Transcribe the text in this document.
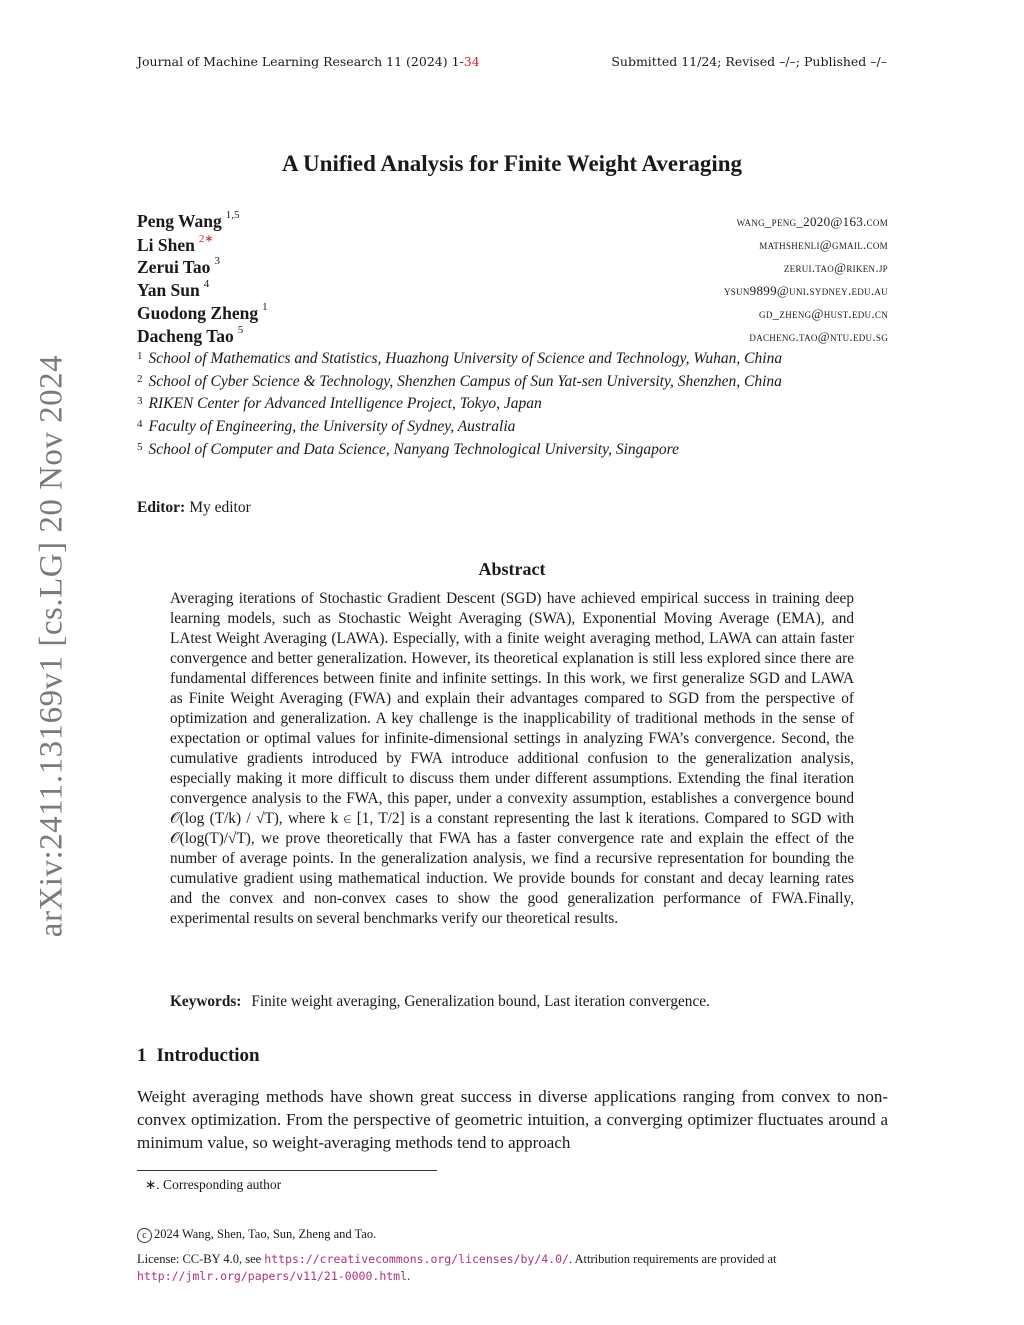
Journal of Machine Learning Research 11 (2024) 1-34	Submitted 11/24; Revised –/–; Published –/–
arXiv:2411.13169v1 [cs.LG] 20 Nov 2024
A Unified Analysis for Finite Weight Averaging
Peng Wang $^{1,5}$	wang_peng_2020@163.com
Li Shen $^{2∗}$	mathshenli@gmail.com
Zerui Tao $^3$	zerui.tao@riken.jp
Yan Sun $^4$	ysun9899@uni.sydney.edu.au
Guodong Zheng $^1$	gd_zheng@hust.edu.cn
Dacheng Tao $^5$	dacheng.tao@ntu.edu.sg
$^1$ School of Mathematics and Statistics, Huazhong University of Science and Technology, Wuhan, China
$^2$ School of Cyber Science & Technology, Shenzhen Campus of Sun Yat-sen University, Shenzhen, China
$^3$ RIKEN Center for Advanced Intelligence Project, Tokyo, Japan
$^4$ Faculty of Engineering, the University of Sydney, Australia
$^5$ School of Computer and Data Science, Nanyang Technological University, Singapore
Editor: My editor
Abstract
Averaging iterations of Stochastic Gradient Descent (SGD) have achieved empirical success in training deep learning models, such as Stochastic Weight Averaging (SWA), Exponential Moving Average (EMA), and LAtest Weight Averaging (LAWA). Especially, with a finite weight averaging method, LAWA can attain faster convergence and better generalization. However, its theoretical explanation is still less explored since there are fundamental differences between finite and infinite settings. In this work, we first generalize SGD and LAWA as Finite Weight Averaging (FWA) and explain their advantages compared to SGD from the perspective of optimization and generalization. A key challenge is the inapplicability of traditional methods in the sense of expectation or optimal values for infinite-dimensional settings in analyzing FWA’s convergence. Second, the cumulative gradients introduced by FWA introduce additional confusion to the generalization analysis, especially making it more difficult to discuss them under different assumptions. Extending the final iteration convergence analysis to the FWA, this paper, under a convexity assumption, establishes a convergence bound 𝒪(log (T/k) / √T), where k ∈ [1, T/2] is a constant representing the last k iterations. Compared to SGD with 𝒪(log(T)/√T), we prove theoretically that FWA has a faster convergence rate and explain the effect of the number of average points. In the generalization analysis, we find a recursive representation for bounding the cumulative gradient using mathematical induction. We provide bounds for constant and decay learning rates and the convex and non-convex cases to show the good generalization performance of FWA.Finally, experimental results on several benchmarks verify our theoretical results.
Keywords: Finite weight averaging, Generalization bound, Last iteration convergence.
1 Introduction
Weight averaging methods have shown great success in diverse applications ranging from convex to non-convex optimization. From the perspective of geometric intuition, a converging optimizer fluctuates around a minimum value, so weight-averaging methods tend to approach
∗. Corresponding author
c 2024 Wang, Shen, Tao, Sun, Zheng and Tao.
License: CC-BY 4.0, see https://creativecommons.org/licenses/by/4.0/. Attribution requirements are provided at
http://jmlr.org/papers/v11/21-0000.html.
